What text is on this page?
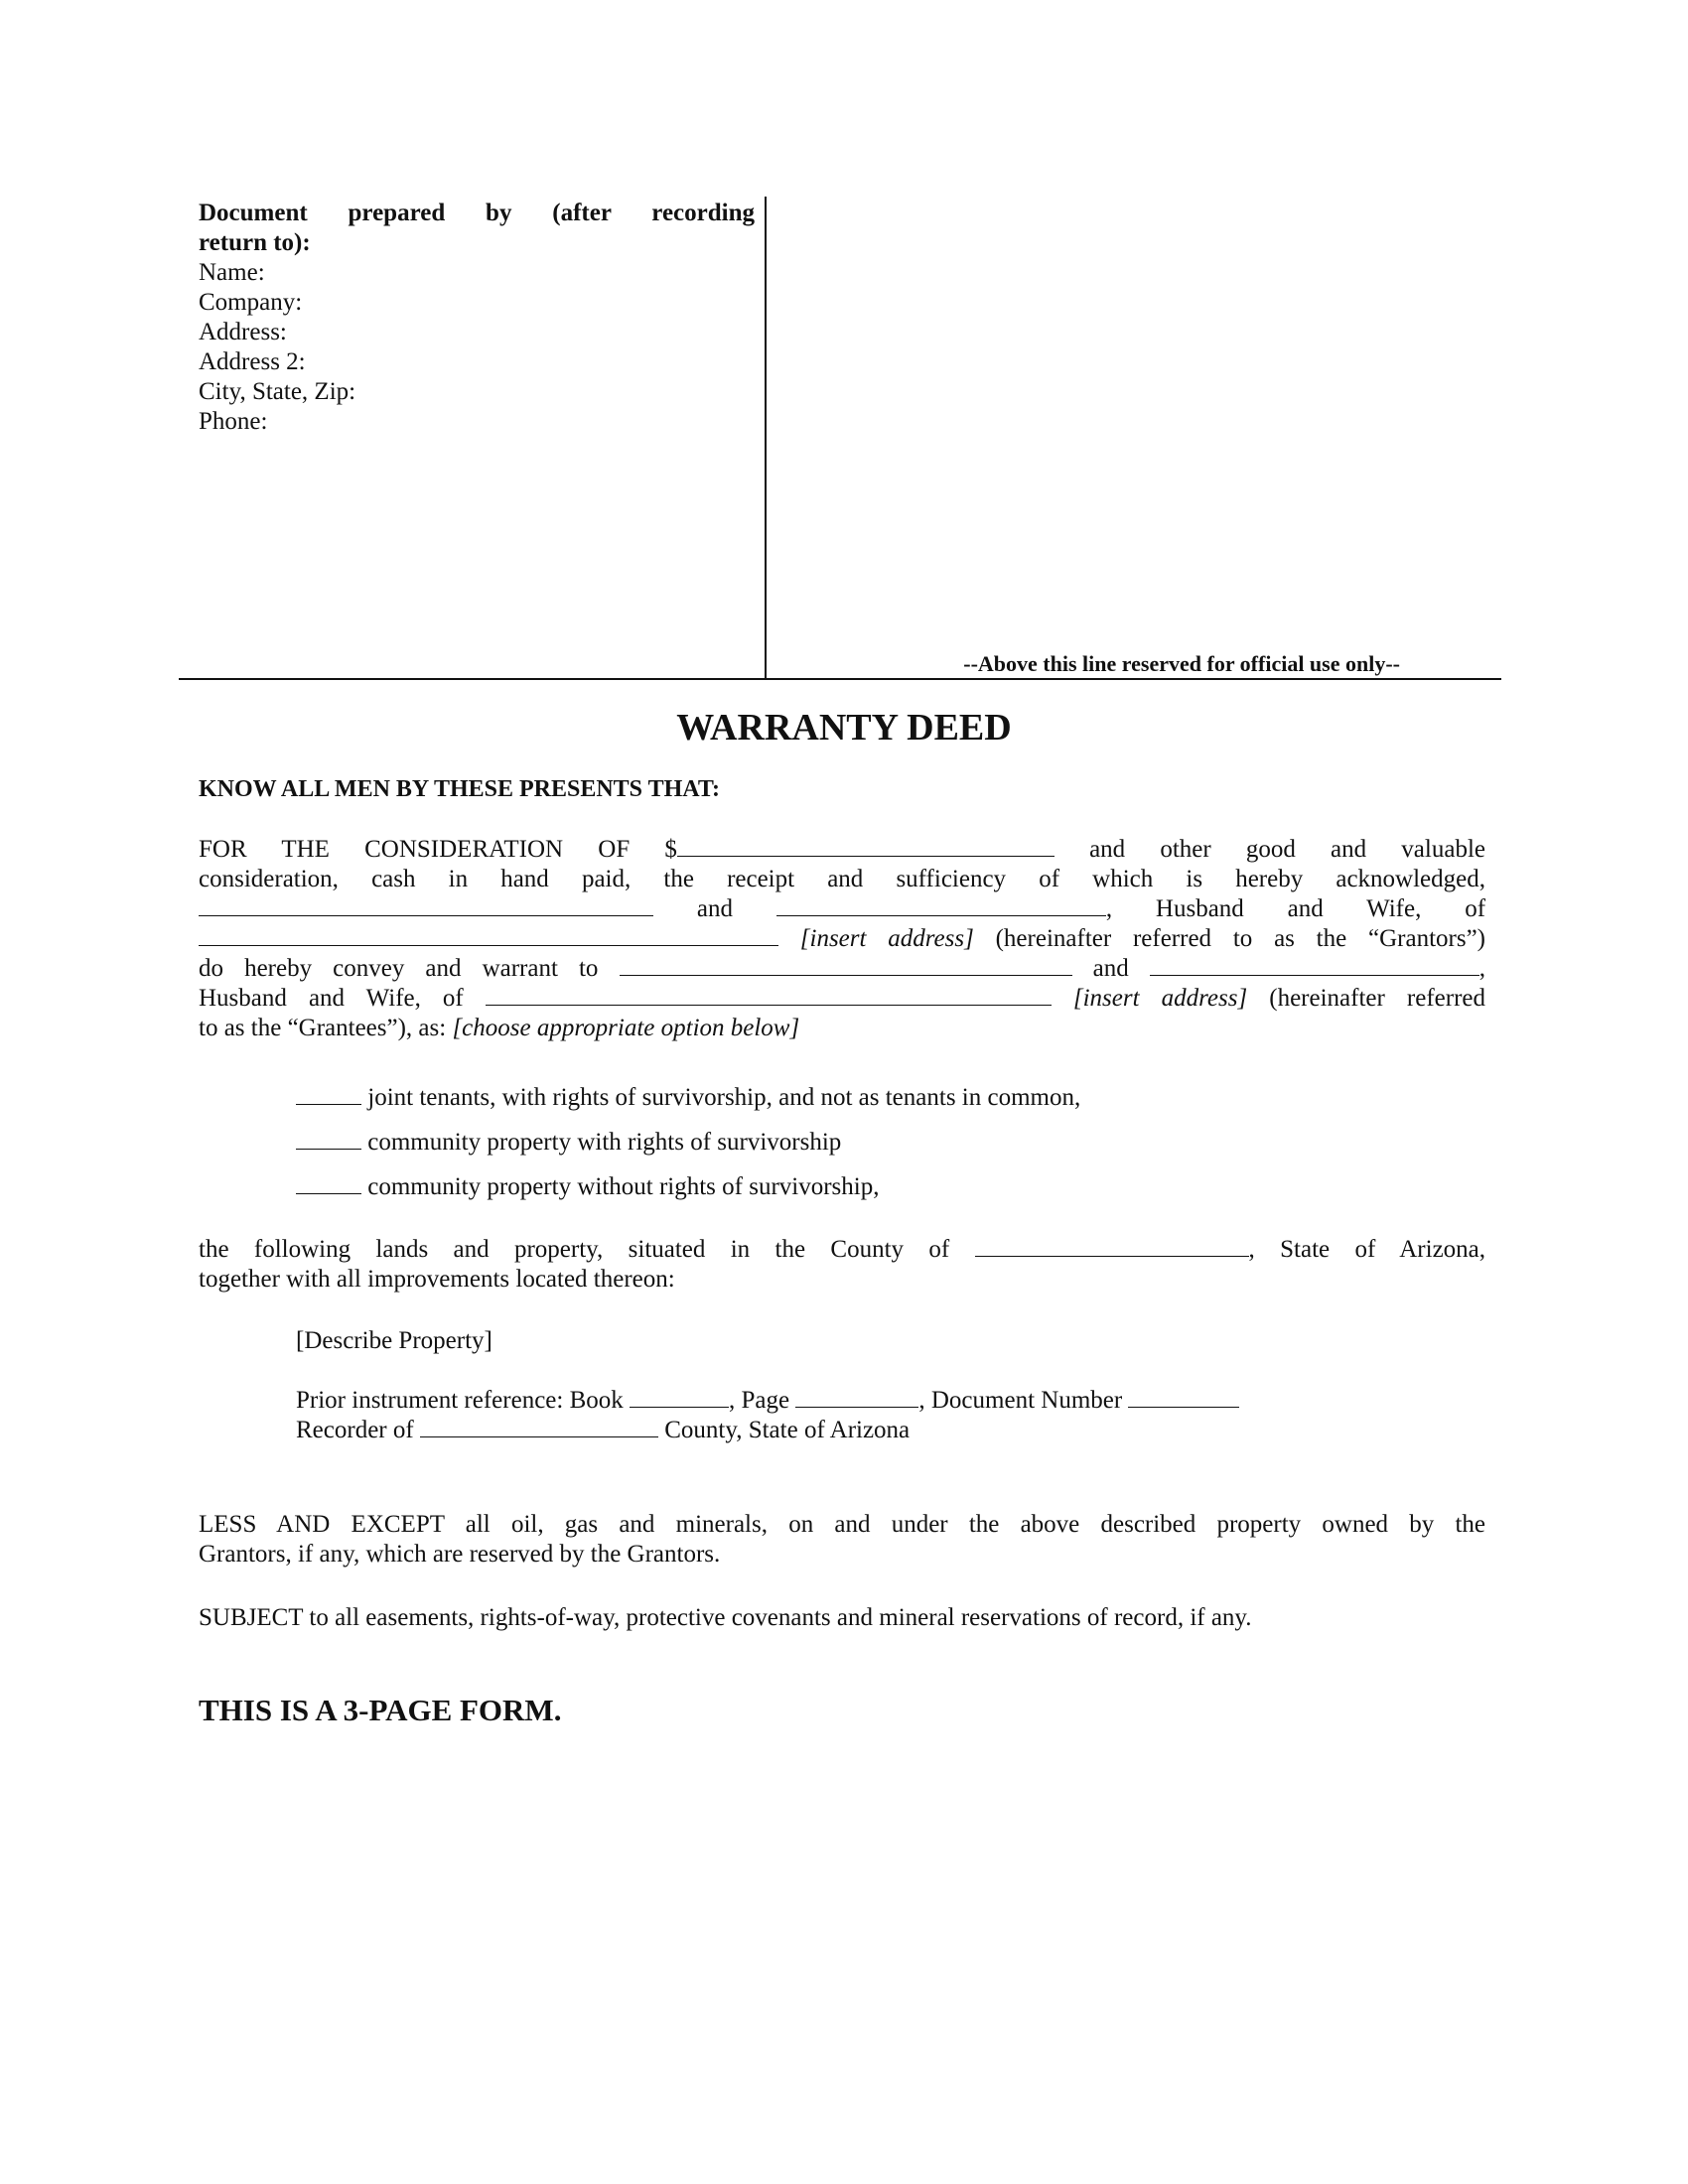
Document prepared by (after recording
return to):
Name:
Company:
Address:
Address 2:
City, State, Zip:
Phone:
--Above this line reserved for official use only--
WARRANTY DEED
KNOW ALL MEN BY THESE PRESENTS THAT:
FOR THE CONSIDERATION OF $	and other good and valuable
consideration, cash in hand paid, the receipt and sufficiency of which is hereby acknowledged,
and	, Husband and Wife, of
[insert address] (hereinafter referred to as the “Grantors”)
do hereby convey and warrant to	and	,
Husband and Wife, of	[insert address] (hereinafter referred
to as the “Grantees”), as: [choose appropriate option below]
joint tenants, with rights of survivorship, and not as tenants in common,
community property with rights of survivorship
community property without rights of survivorship,
the following lands and property, situated in the County of	, State of Arizona,
together with all improvements located thereon:
[Describe Property]
Prior instrument reference: Book	, Page	, Document Number
Recorder of	County, State of Arizona
LESS AND EXCEPT all oil, gas and minerals, on and under the above described property owned by the
Grantors, if any, which are reserved by the Grantors.
SUBJECT to all easements, rights-of-way, protective covenants and mineral reservations of record, if any.
THIS IS A 3-PAGE FORM.
